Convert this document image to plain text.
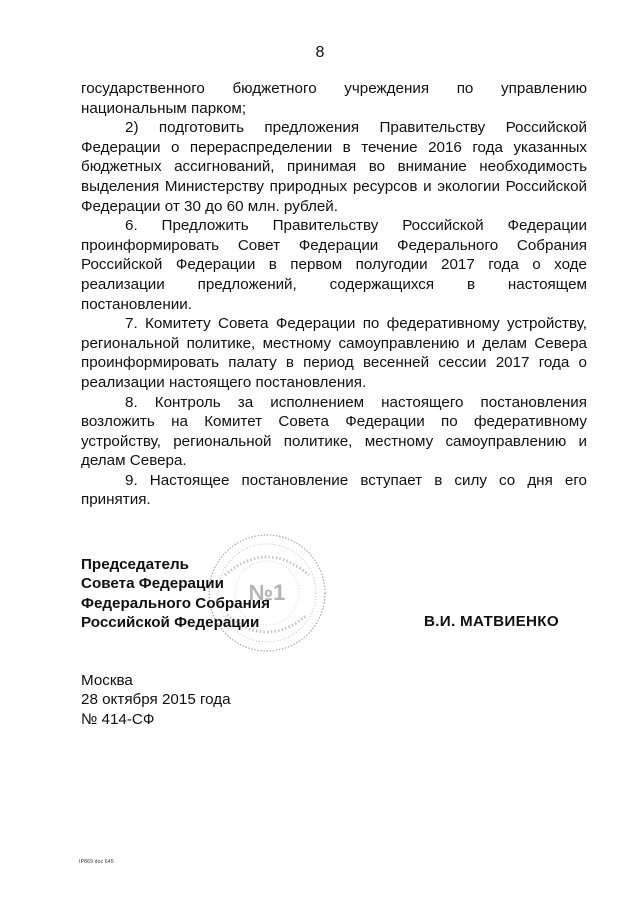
8

государственного бюджетного учреждения по управлению национальным парком;

2) подготовить предложения Правительству Российской Федерации о перераспределении в течение 2016 года указанных бюджетных ассигнований, принимая во внимание необходимость выделения Министерству природных ресурсов и экологии Российской Федерации от 30 до 60 млн. рублей.

6. Предложить Правительству Российской Федерации проинформировать Совет Федерации Федерального Собрания Российской Федерации в первом полугодии 2017 года о ходе реализации предложений, содержащихся в настоящем постановлении.

7. Комитету Совета Федерации по федеративному устройству, региональной политике, местному самоуправлению и делам Севера проинформировать палату в период весенней сессии 2017 года о реализации настоящего постановления.

8. Контроль за исполнением настоящего постановления возложить на Комитет Совета Федерации по федеративному устройству, региональной политике, местному самоуправлению и делам Севера.

9. Настоящее постановление вступает в силу со дня его принятия.

№1
Председатель
Совета Федерации
Федерального Собрания
Российской Федерации	В.И. МАТВИЕНКО
Москва
28 октября 2015 года
№ 414-СФ
IP869 doc 645
